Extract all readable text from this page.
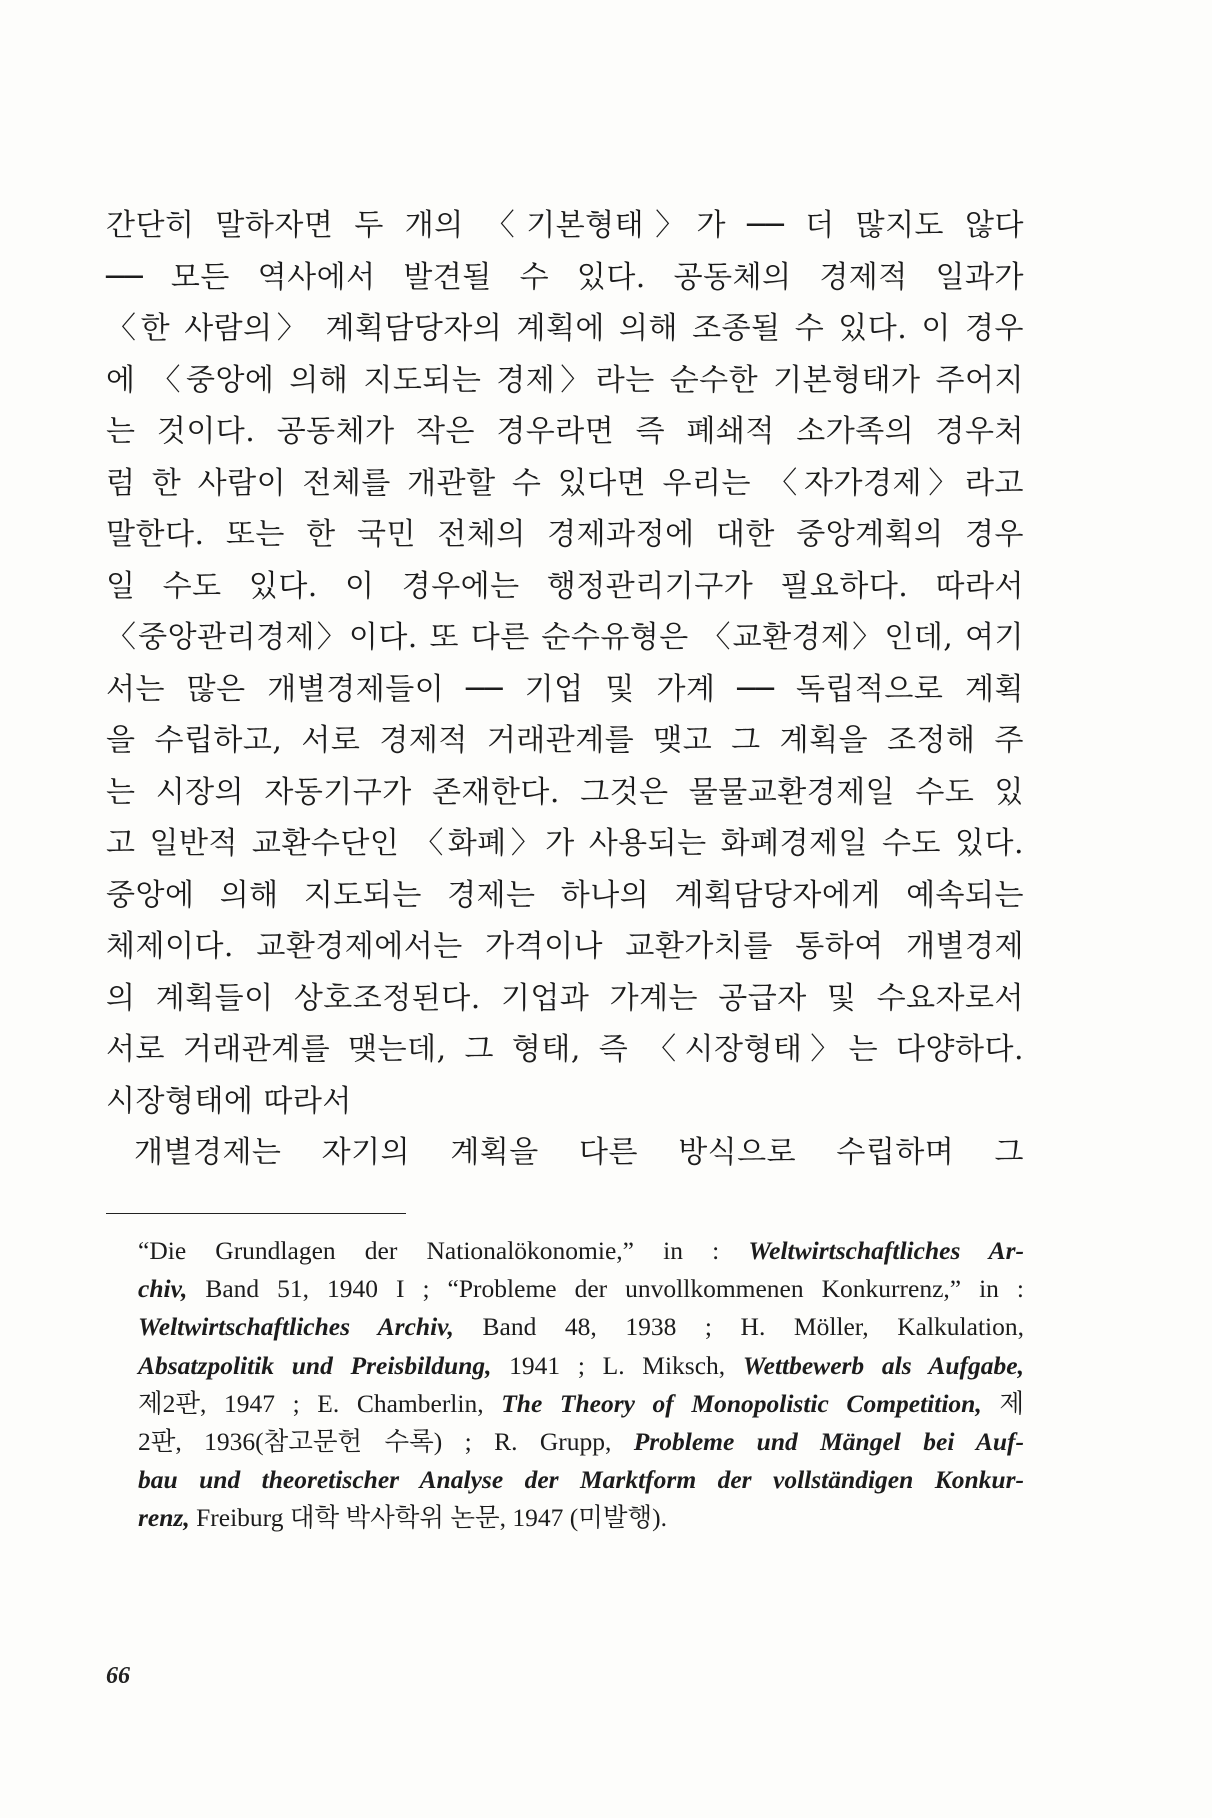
간단히 말하자면 두 개의 〈기본형태〉가 ── 더 많지도 않다
── 모든 역사에서 발견될 수 있다. 공동체의 경제적 일과가
〈한 사람의〉 계획담당자의 계획에 의해 조종될 수 있다. 이 경우
에 〈중앙에 의해 지도되는 경제〉라는 순수한 기본형태가 주어지
는 것이다. 공동체가 작은 경우라면 즉 폐쇄적 소가족의 경우처
럼 한 사람이 전체를 개관할 수 있다면 우리는 〈자가경제〉라고
말한다. 또는 한 국민 전체의 경제과정에 대한 중앙계획의 경우
일 수도 있다. 이 경우에는 행정관리기구가 필요하다. 따라서
〈중앙관리경제〉이다. 또 다른 순수유형은 〈교환경제〉인데, 여기
서는 많은 개별경제들이 ── 기업 및 가계 ── 독립적으로 계획
을 수립하고, 서로 경제적 거래관계를 맺고 그 계획을 조정해 주
는 시장의 자동기구가 존재한다. 그것은 물물교환경제일 수도 있
고 일반적 교환수단인 〈화폐〉가 사용되는 화폐경제일 수도 있다.
중앙에 의해 지도되는 경제는 하나의 계획담당자에게 예속되는
체제이다. 교환경제에서는 가격이나 교환가치를 통하여 개별경제
의 계획들이 상호조정된다. 기업과 가계는 공급자 및 수요자로서
서로 거래관계를 맺는데, 그 형태, 즉 〈시장형태〉는 다양하다.
시장형태에 따라서
개별경제는 자기의 계획을 다른 방식으로 수립하며 그
“Die Grundlagen der Nationalökonomie,” in : Weltwirtschaftliches Ar-
chiv, Band 51, 1940 I ; “Probleme der unvollkommenen Konkurrenz,” in :
Weltwirtschaftliches Archiv, Band 48, 1938 ; H. Möller, Kalkulation,
Absatzpolitik und Preisbildung, 1941 ; L. Miksch, Wettbewerb als Aufgabe,
제2판, 1947 ; E. Chamberlin, The Theory of Monopolistic Competition, 제
2판, 1936(참고문헌 수록) ; R. Grupp, Probleme und Mängel bei Auf-
bau und theoretischer Analyse der Marktform der vollständigen Konkur-
renz, Freiburg 대학 박사학위 논문, 1947 (미발행).
66
